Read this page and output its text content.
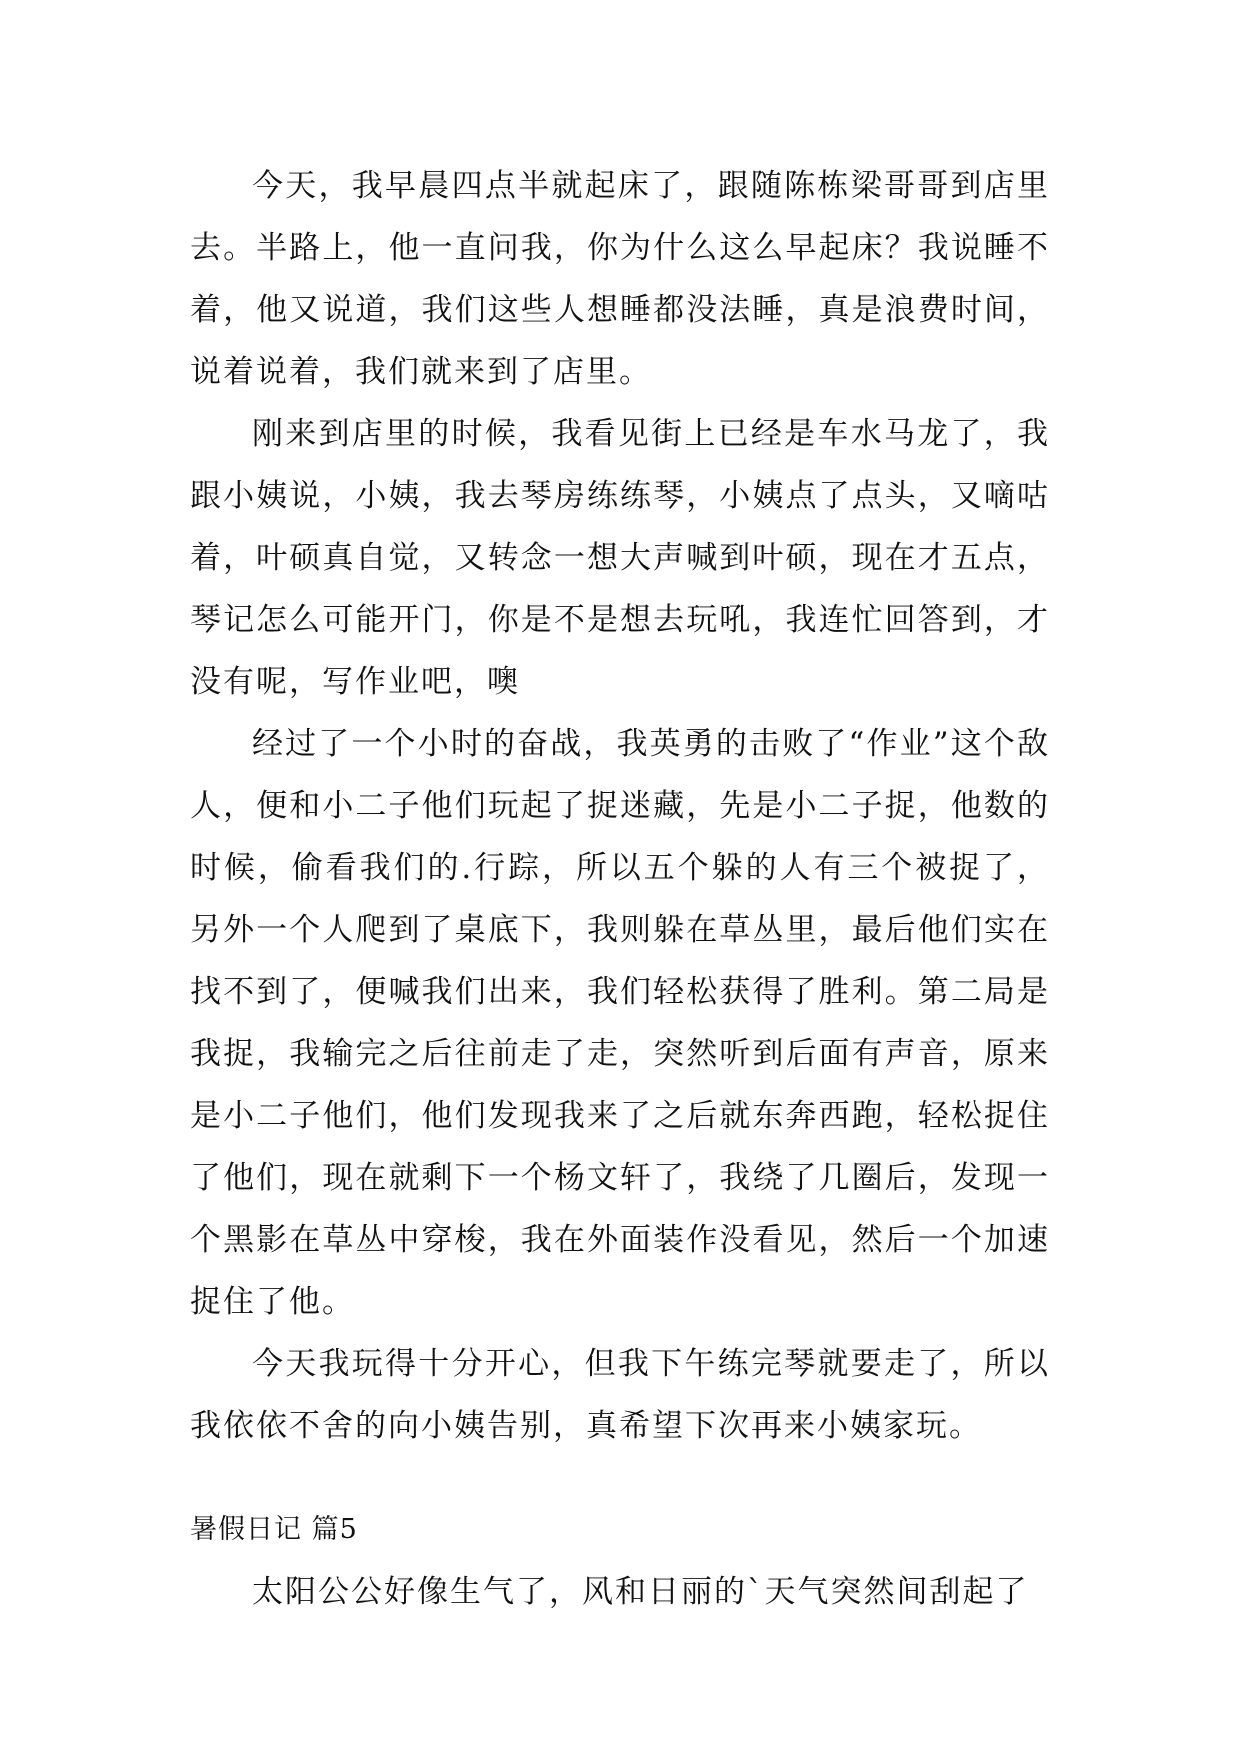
今天，我早晨四点半就起床了，跟随陈栋梁哥哥到店里去。半路上，他一直问我，你为什么这么早起床？我说睡不着，他又说道，我们这些人想睡都没法睡，真是浪费时间，说着说着，我们就来到了店里。

刚来到店里的时候，我看见街上已经是车水马龙了，我跟小姨说，小姨，我去琴房练练琴，小姨点了点头，又嘀咕着，叶硕真自觉，又转念一想大声喊到叶硕，现在才五点，琴记怎么可能开门，你是不是想去玩吼，我连忙回答到，才没有呢，写作业吧，噢

经过了一个小时的奋战，我英勇的击败了“作业”这个敌人，便和小二子他们玩起了捉迷藏，先是小二子捉，他数的时候，偷看我们的.行踪，所以五个躲的人有三个被捉了，另外一个人爬到了桌底下，我则躲在草丛里，最后他们实在找不到了，便喊我们出来，我们轻松获得了胜利。第二局是我捉，我输完之后往前走了走，突然听到后面有声音，原来是小二子他们，他们发现我来了之后就东奔西跑，轻松捉住了他们，现在就剩下一个杨文轩了，我绕了几圈后，发现一个黑影在草丛中穿梭，我在外面装作没看见，然后一个加速捉住了他。

今天我玩得十分开心，但我下午练完琴就要走了，所以我依依不舍的向小姨告别，真希望下次再来小姨家玩。

暑假日记 篇5

太阳公公好像生气了，风和日丽的`天气突然间刮起了
